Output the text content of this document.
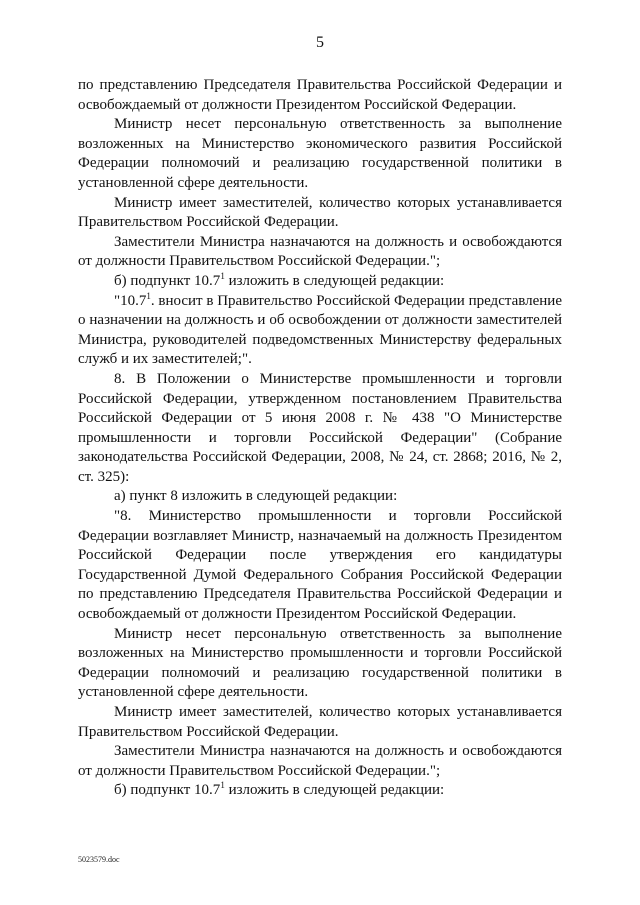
5

по представлению Председателя Правительства Российской Федерации и освобождаемый от должности Президентом Российской Федерации.

Министр несет персональную ответственность за выполнение возложенных на Министерство экономического развития Российской Федерации полномочий и реализацию государственной политики в установленной сфере деятельности.

Министр имеет заместителей, количество которых устанавливается Правительством Российской Федерации.

Заместители Министра назначаются на должность и освобождаются от должности Правительством Российской Федерации.";

б) подпункт 10.7$^1$ изложить в следующей редакции:

"10.7$^1$. вносит в Правительство Российской Федерации представление о назначении на должность и об освобождении от должности заместителей Министра, руководителей подведомственных Министерству федеральных служб и их заместителей;".

8. В Положении о Министерстве промышленности и торговли Российской Федерации, утвержденном постановлением Правительства Российской Федерации от 5 июня 2008 г. № 438 "О Министерстве промышленности и торговли Российской Федерации" (Собрание законодательства Российской Федерации, 2008, № 24, ст. 2868; 2016, № 2, ст. 325):

а) пункт 8 изложить в следующей редакции:

"8. Министерство промышленности и торговли Российской Федерации возглавляет Министр, назначаемый на должность Президентом Российской Федерации после утверждения его кандидатуры Государственной Думой Федерального Собрания Российской Федерации по представлению Председателя Правительства Российской Федерации и освобождаемый от должности Президентом Российской Федерации.

Министр несет персональную ответственность за выполнение возложенных на Министерство промышленности и торговли Российской Федерации полномочий и реализацию государственной политики в установленной сфере деятельности.

Министр имеет заместителей, количество которых устанавливается Правительством Российской Федерации.

Заместители Министра назначаются на должность и освобождаются от должности Правительством Российской Федерации.";

б) подпункт 10.7$^1$ изложить в следующей редакции:

5023579.doc
